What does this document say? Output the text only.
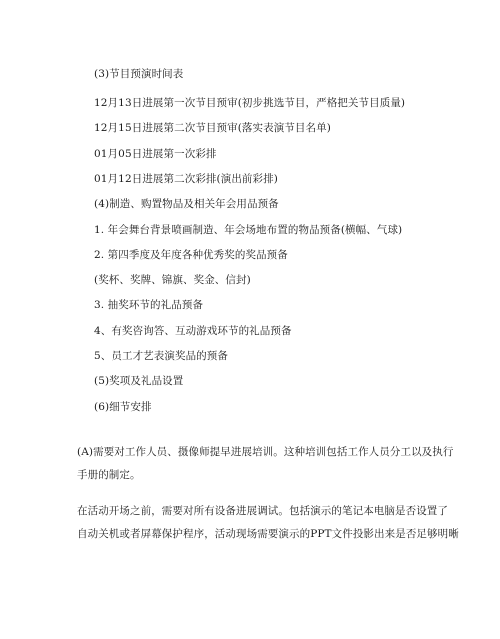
(3)节目预演时间表
12月13日进展第一次节目预审(初步挑选节目，严格把关节目质量)
12月15日进展第二次节目预审(落实表演节目名单)
01月05日进展第一次彩排
01月12日进展第二次彩排(演出前彩排)
(4)制造、购置物品及相关年会用品预备
1. 年会舞台背景喷画制造、年会场地布置的物品预备(横幅、气球)
2. 第四季度及年度各种优秀奖的奖品预备
(奖杯、奖牌、锦旗、奖金、信封)
3. 抽奖环节的礼品预备
4、有奖咨询答、互动游戏环节的礼品预备
5、员工才艺表演奖品的预备
(5)奖项及礼品设置
(6)细节安排
(A)需要对工作人员、摄像师提早进展培训。这种培训包括工作人员分工以及执行
手册的制定。
在活动开场之前，需要对所有设备进展调试。包括演示的笔记本电脑是否设置了
自动关机或者屏幕保护程序，活动现场需要演示的PPT文件投影出来是否足够明晰
